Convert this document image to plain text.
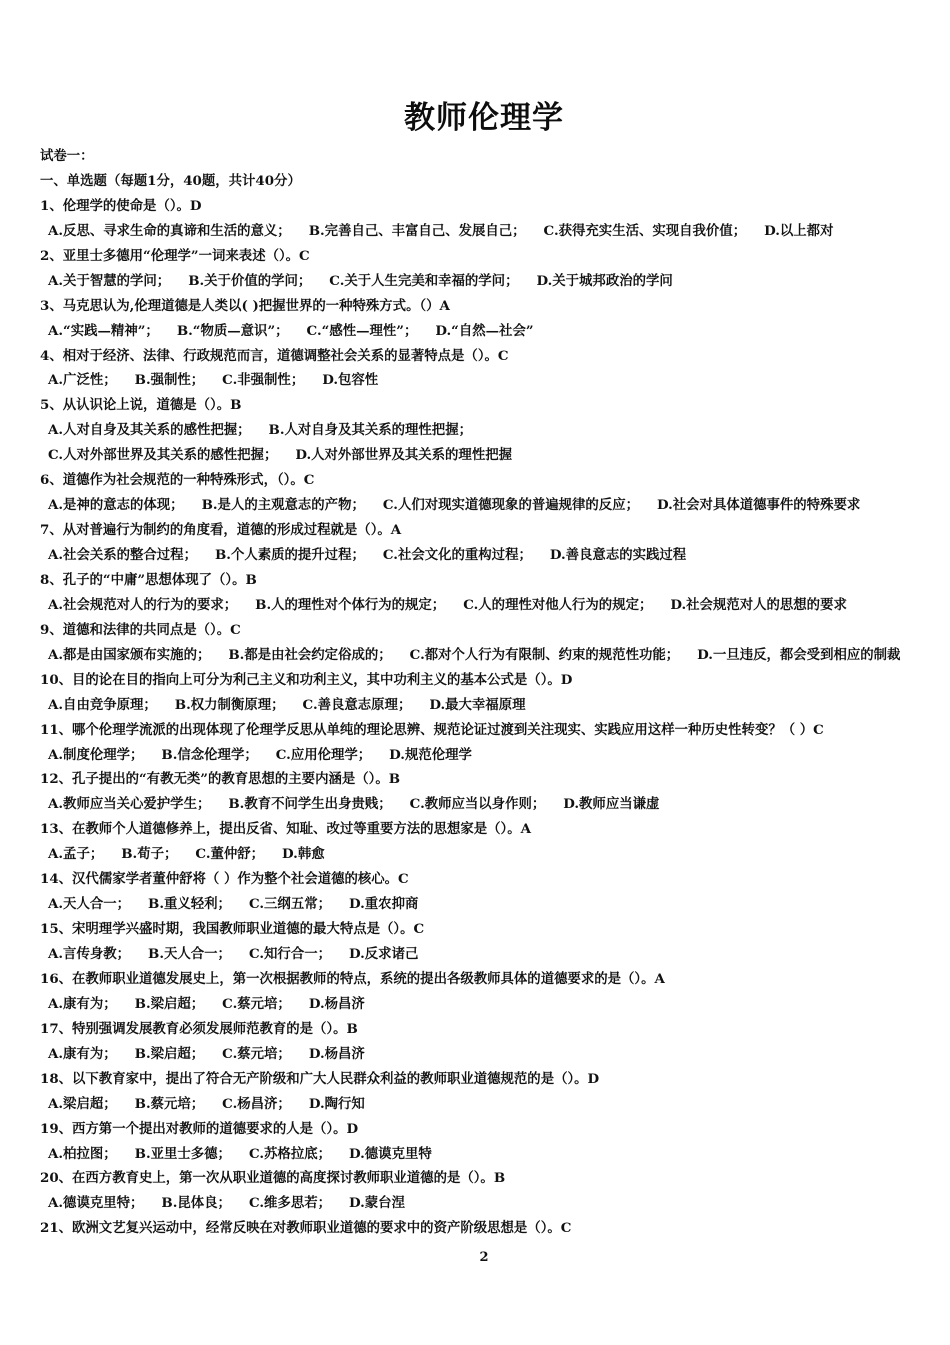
教师伦理学
试卷一：
一、单选题（每题1分，40题，共计40分）
1、伦理学的使命是（）。D
A.反思、寻求生命的真谛和生活的意义； B.完善自己、丰富自己、发展自己； C.获得充实生活、实现自我价值； D.以上都对
2、亚里士多德用“伦理学”一词来表述（）。C
A.关于智慧的学问； B.关于价值的学问； C.关于人生完美和幸福的学问； D.关于城邦政治的学问
3、马克思认为,伦理道德是人类以( )把握世界的一种特殊方式。（）A
A.“实践—精神”； B.“物质—意识”； C.“感性—理性”； D.“自然—社会”
4、相对于经济、法律、行政规范而言，道德调整社会关系的显著特点是（）。C
A.广泛性； B.强制性； C.非强制性； D.包容性
5、从认识论上说，道德是（）。B
A.人对自身及其关系的感性把握； B.人对自身及其关系的理性把握；
C.人对外部世界及其关系的感性把握； D.人对外部世界及其关系的理性把握
6、道德作为社会规范的一种特殊形式，（）。C
A.是神的意志的体现； B.是人的主观意志的产物； C.人们对现实道德现象的普遍规律的反应； D.社会对具体道德事件的特殊要求
7、从对普遍行为制约的角度看，道德的形成过程就是（）。A
A.社会关系的整合过程； B.个人素质的提升过程； C.社会文化的重构过程； D.善良意志的实践过程
8、孔子的“中庸”思想体现了（）。B
A.社会规范对人的行为的要求； B.人的理性对个体行为的规定； C.人的理性对他人行为的规定； D.社会规范对人的思想的要求
9、道德和法律的共同点是（）。C
A.都是由国家颁布实施的； B.都是由社会约定俗成的； C.都对个人行为有限制、约束的规范性功能； D.一旦违反，都会受到相应的制裁
10、目的论在目的指向上可分为利己主义和功利主义，其中功利主义的基本公式是（）。D
A.自由竞争原理； B.权力制衡原理； C.善良意志原理； D.最大幸福原理
11、哪个伦理学流派的出现体现了伦理学反思从单纯的理论思辨、规范论证过渡到关注现实、实践应用这样一种历史性转变？（ ）C
A.制度伦理学； B.信念伦理学； C.应用伦理学； D.规范伦理学
12、孔子提出的“有教无类”的教育思想的主要内涵是（）。B
A.教师应当关心爱护学生； B.教育不问学生出身贵贱； C.教师应当以身作则； D.教师应当谦虚
13、在教师个人道德修养上，提出反省、知耻、改过等重要方法的思想家是（）。A
A.孟子； B.荀子； C.董仲舒； D.韩愈
14、汉代儒家学者董仲舒将（ ）作为整个社会道德的核心。C
A.天人合一； B.重义轻利； C.三纲五常； D.重农抑商
15、宋明理学兴盛时期，我国教师职业道德的最大特点是（）。C
A.言传身教； B.天人合一； C.知行合一； D.反求诸己
16、在教师职业道德发展史上，第一次根据教师的特点，系统的提出各级教师具体的道德要求的是（）。A
A.康有为； B.梁启超； C.蔡元培； D.杨昌济
17、特别强调发展教育必须发展师范教育的是（）。B
A.康有为； B.梁启超； C.蔡元培； D.杨昌济
18、以下教育家中，提出了符合无产阶级和广大人民群众利益的教师职业道德规范的是（）。D
A.梁启超； B.蔡元培； C.杨昌济； D.陶行知
19、西方第一个提出对教师的道德要求的人是（）。D
A.柏拉图； B.亚里士多德； C.苏格拉底； D.德谟克里特
20、在西方教育史上，第一次从职业道德的高度探讨教师职业道德的是（）。B
A.德谟克里特； B.昆体良； C.维多思若； D.蒙台涅
21、欧洲文艺复兴运动中，经常反映在对教师职业道德的要求中的资产阶级思想是（）。C
2
